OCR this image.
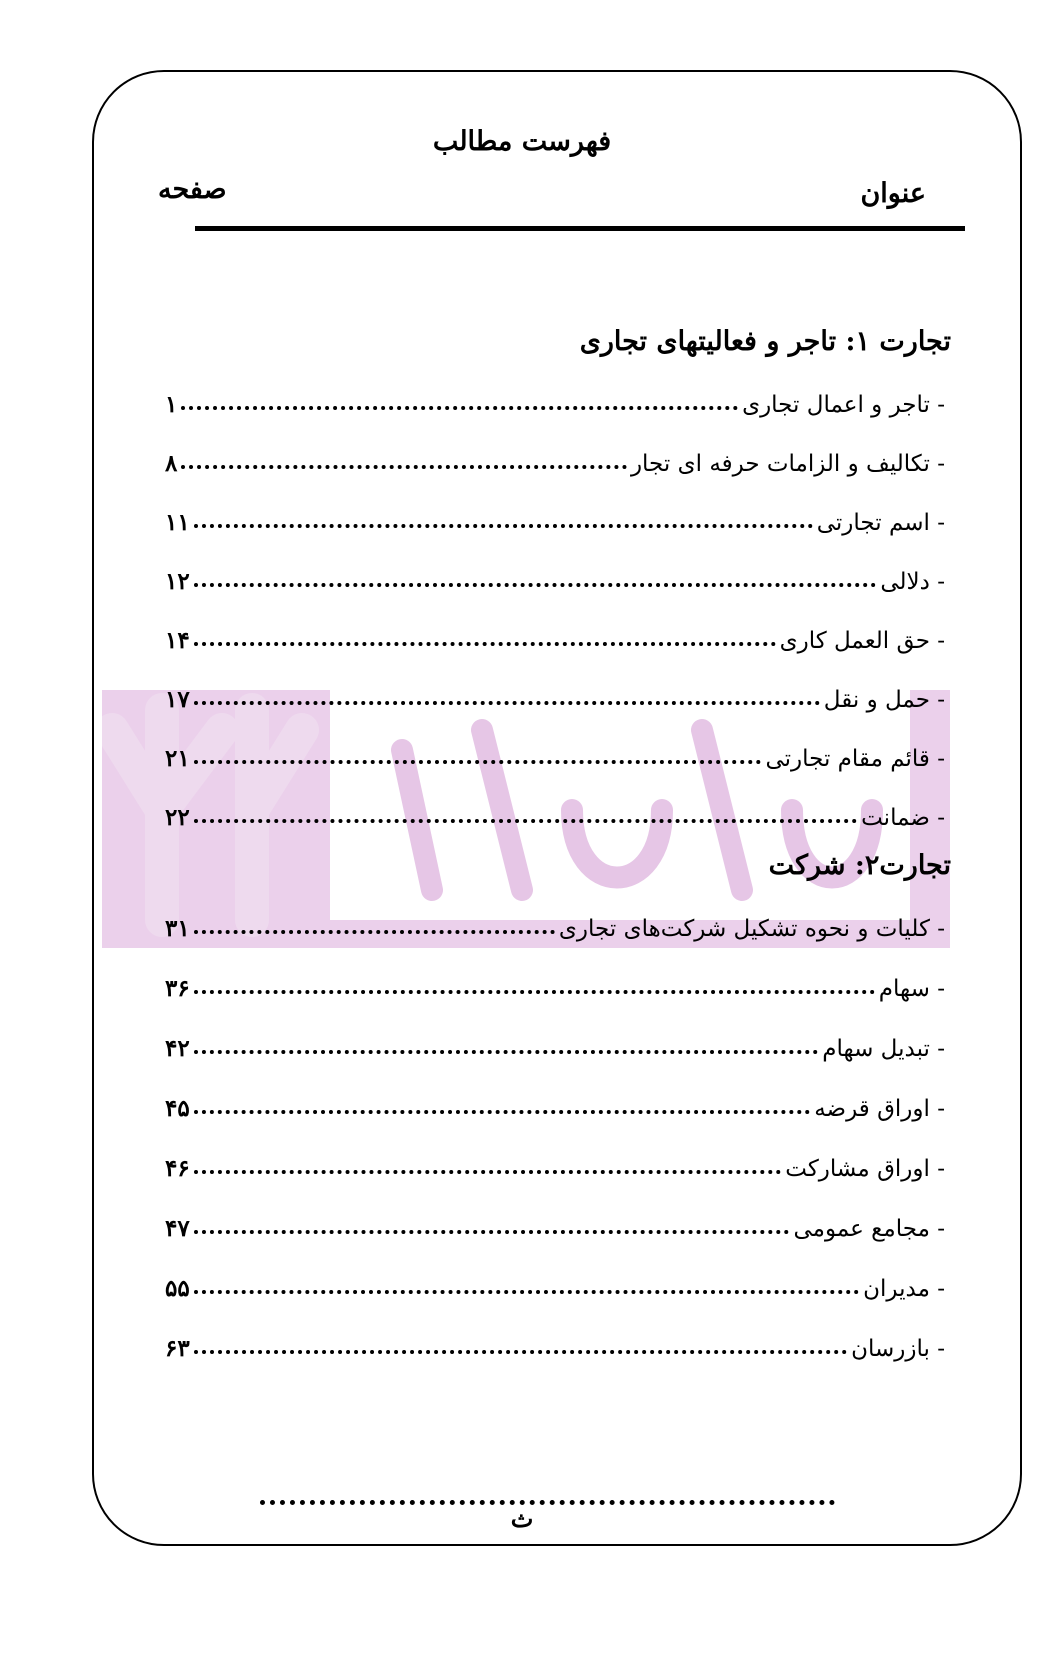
فهرست مطالب
عنوان
صفحه
تجارت ۱: تاجر و فعالیتهای تجاری
- تاجر و اعمال تجاری
۱
- تکالیف و الزامات حرفه ای تجار
۸
- اسم تجارتی
۱۱
- دلالی
۱۲
- حق العمل کاری
۱۴
- حمل و نقل
۱۷
- قائم مقام تجارتی
۲۱
- ضمانت
۲۲
تجارت۲: شرکت
- کلیات و نحوه تشکیل شرکت‌های تجاری
۳۱
- سهام
۳۶
- تبدیل سهام
۴۲
- اوراق قرضه
۴۵
- اوراق مشارکت
۴۶
- مجامع عمومی
۴۷
- مدیران
۵۵
- بازرسان
۶۳
ث
